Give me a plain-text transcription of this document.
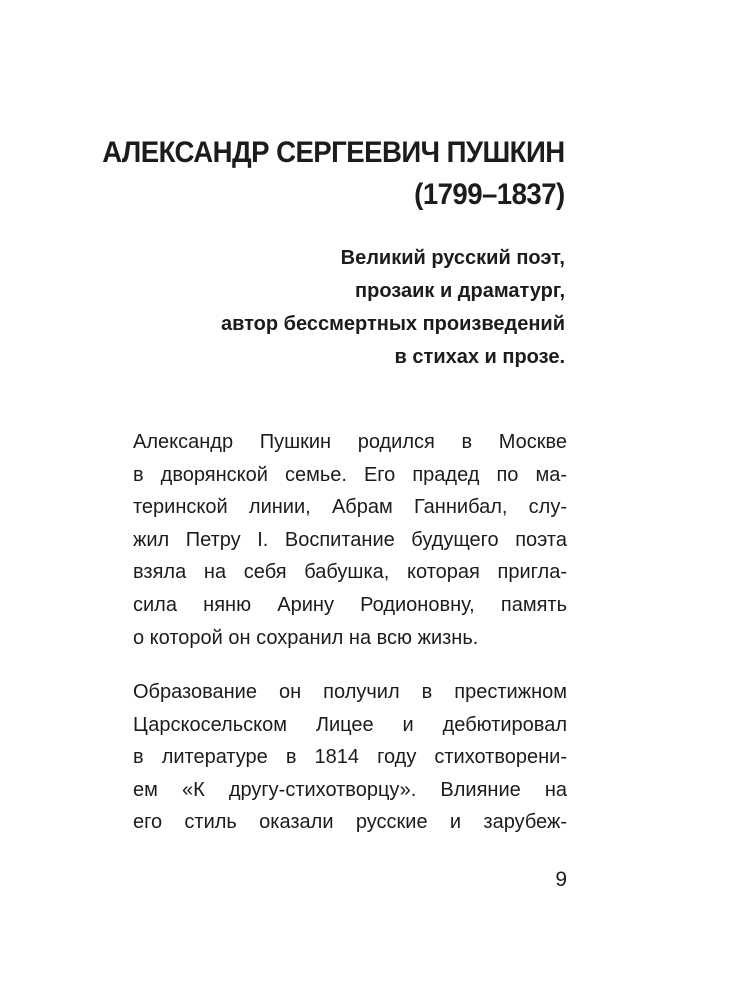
АЛЕКСАНДР СЕРГЕЕВИЧ ПУШКИН
(1799–1837)
Великий русский поэт,
прозаик и драматург,
автор бессмертных произведений
в стихах и прозе.
Александр Пушкин родился в Москве
в дворянской семье. Его прадед по ма-
теринской линии, Абрам Ганнибал, слу-
жил Петру I. Воспитание будущего поэта
взяла на себя бабушка, которая пригла-
сила няню Арину Родионовну, память
о которой он сохранил на всю жизнь.
Образование он получил в престижном
Царскосельском Лицее и дебютировал
в литературе в 1814 году стихотворени-
ем «К другу-стихотворцу». Влияние на
его стиль оказали русские и зарубеж-
9
